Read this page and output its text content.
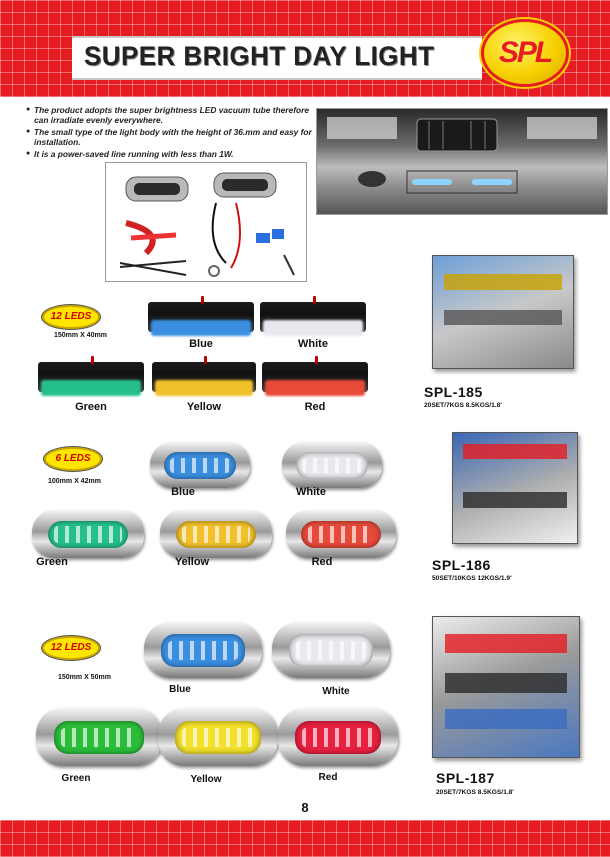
SUPER BRIGHT DAY LIGHT	SPL
● The product adopts the super brightness LED vacuum tube therefore can irradiate evenly everywhere.
● The small type of the light body with the height of 36.mm and easy for installation.
● It is a power-saved line running with less than 1W.
12 LEDS
150mm X 40mm
Blue	White
Green	Yellow	Red
SPL-185
20SET/7KGS 8.5KGS/1.8'
6 LEDS
100mm X 42mm
Blue	White
Green	Yellow	Red	SPL-186
50SET/10KGS 12KGS/1.9'
12 LEDS
150mm X 50mm
Blue	White
Green	Yellow	Red	SPL-187
20SET/7KGS 8.5KGS/1.8'
8
